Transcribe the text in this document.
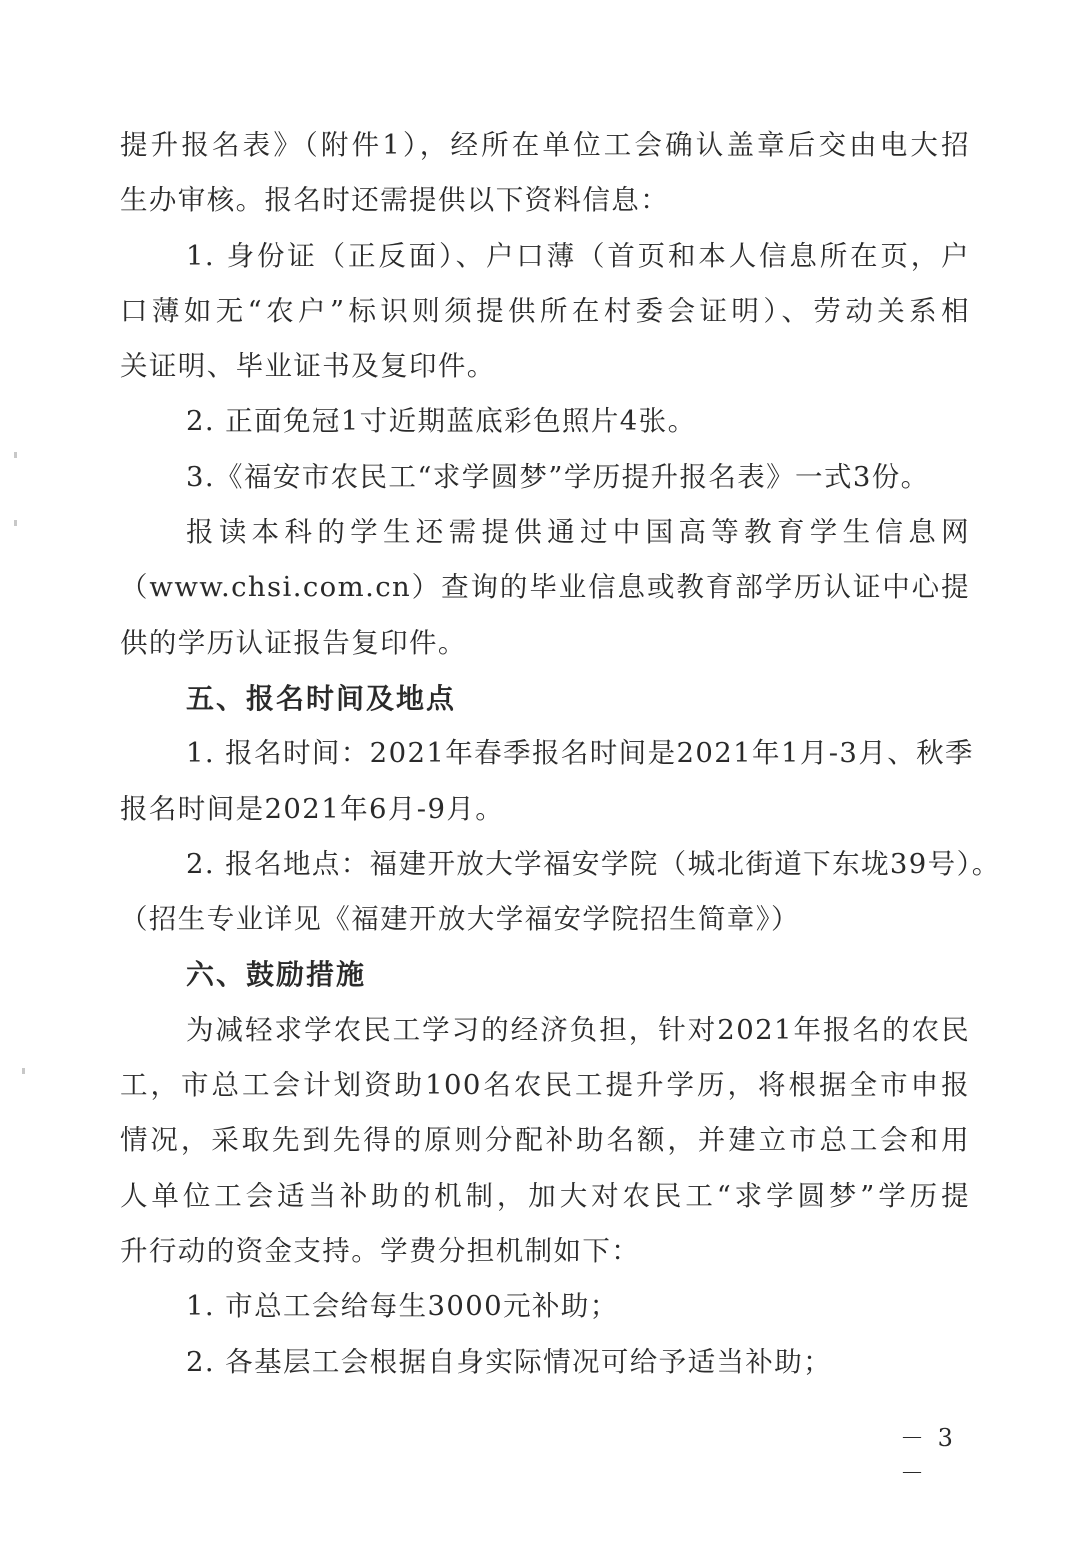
提升报名表》（附件1），经所在单位工会确认盖章后交由电大招
生办审核。报名时还需提供以下资料信息：
1. 身份证（正反面）、户口薄（首页和本人信息所在页，户
口薄如无“农户”标识则须提供所在村委会证明）、劳动关系相
关证明、毕业证书及复印件。
2. 正面免冠1寸近期蓝底彩色照片4张。
3.《福安市农民工“求学圆梦”学历提升报名表》一式3份。
报读本科的学生还需提供通过中国高等教育学生信息网
（www.chsi.com.cn）查询的毕业信息或教育部学历认证中心提
供的学历认证报告复印件。
五、报名时间及地点
1. 报名时间：2021年春季报名时间是2021年1月-3月、秋季
报名时间是2021年6月-9月。
2. 报名地点：福建开放大学福安学院（城北街道下东垅39号）。
（招生专业详见《福建开放大学福安学院招生简章》）
六、鼓励措施
为减轻求学农民工学习的经济负担，针对2021年报名的农民
工，市总工会计划资助100名农民工提升学历，将根据全市申报
情况，采取先到先得的原则分配补助名额，并建立市总工会和用
人单位工会适当补助的机制，加大对农民工“求学圆梦”学历提
升行动的资金支持。学费分担机制如下：
1. 市总工会给每生3000元补助；
2. 各基层工会根据自身实际情况可给予适当补助；
－ 3 －
